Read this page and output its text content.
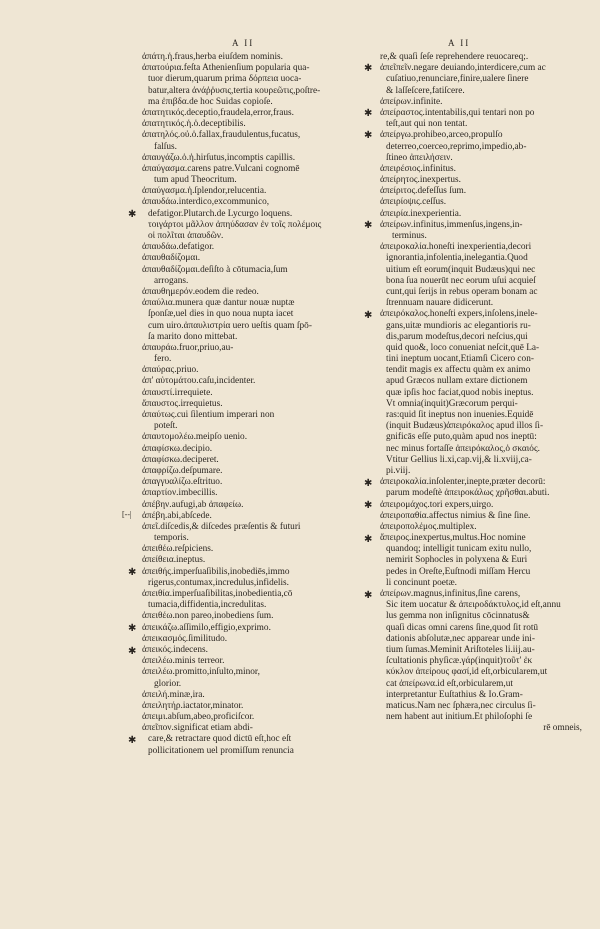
A II	A II
ἀπάτη.ἡ.fraus,herba eiuſdem nominis.
ἀπατούρια.feſta Athenienſium popularia qua-
tuor dierum,quarum prima δόρπεια uoca-
batur,altera ἀνάῤῥυσις,tertia κουρεῶτις,poſtre-
ma ἐπιβδα.de hoc Suidas copioſe.
ἀπατητικός.deceptio,fraudela,error,fraus.
ἀπατητικός.ἡ.ὁ.deceptibilis.
ἀπατηλός.οὖ.ὁ.fallax,fraudulentus,fucatus,
falſus.
ἀπαυγάζω.ὁ.ἡ.hirſutus,incomptis capillis.
ἀπαύγασμα.carens patre.Vulcani cognomē
tum apud Theocritum.
ἀπαύγασμα.ἡ.ſplendor,relucentia.
ἀπαυδάω.interdico,excommunico,
defatigor.Plutarch.de Lycurgo loquens.
τοιγάρτοι μᾶλλον ἀπηύδασαν ἐν τοῖς πολέμοις
οἱ πολῖται ἀπαυδῶν.
ἀπαυδάω.defatigor.
ἀπαυθαδίζομαι.
ἀπαυθαδίζομαι.deſiſto à cōtumacia,ſum
arrogans.
ἀπαυθημερόν.eodem die redeo.
ἀπαύλια.munera quæ dantur nouæ nuptæ
ſponſæ,uel dies in quo noua nupta iacet
cum uiro.ἀπαυλιστρία uero ueſtis quam ſpō-
ſa marito dono mittebat.
ἀπαυράω.fruor,priuo,au-
fero.
ἀπαύρας.priuo.
ἀπ' αὐτομάτου.caſu,incidenter.
ἀπαυστί.irrequiete.
ἄπαυστος.irrequietus.
ἀπαύτως.cui ſilentium imperari non
poteſt.
ἀπαυτομολέω.meipſo uenio.
ἀπαφίσκω.decipio.
ἀπαφίσκω.deciperet.
ἀπαφρίζω.deſpumare.
ἀπαγγυαλίζω.eſtrituo.
ἀπαρτίον.imbecillis.
ἀπέβην.aufugi,ab ἀπαφείω.
ἀπέβη.abi,abſcede.
ἀπεῖ.diſcedis,& diſcedes præſentis & futuri
temporis.
ἀπειθέω.reſpiciens.
ἀπείθεια.ineptus.
ἀπειθής.imperſuaſibilis,inobediēs,immo
rigerus,contumax,incredulus,infidelis.
ἀπειθία.imperſuaſibilitas,inobedientia,cō
tumacia,diffidentia,incredulitas.
ἀπειθέω.non pareo,inobediens ſum.
ἀπεικάζω.aſſimilo,effigio,exprimo.
ἀπεικασμός.ſimilitudo.
ἀπεικός.indecens.
ἀπειλέω.minis terreor.
ἀπειλέω.promitto,inſulto,minor,
glorior.
ἀπειλή.minæ,ira.
ἀπειλητήρ.iactator,minator.
ἀπειμι.abſum,abeo,proficiſcor.
ἀπεῖπον.significat etiam abdi-
care,& retractare quod dictū eſt,hoc eſt
pollicitationem uel promiſſum renuncia
re,& quaſi ſeſe reprehendere reuocareq;.
ἀπεῖπεῖν.negare deuiando,interdicere,cum ac
cuſatiuo,renunciare,finire,ualere ſinere
& laſſeſcere,fatiſcere.
ἀπείρων.infinite.
ἀπείραστος.intentabilis,qui tentari non po
teſt,aut qui non tentat.
ἀπείργω.prohibeo,arceo,propulſo
deterreo,coerceo,reprimo,impedio,ab-
ſtineo ἀπειλήσειν.
ἀπειρέσιος.infinitus.
ἀπείρητος.inexpertus.
ἀπείριτος.defeſſus ſum.
ἀπειρίοψις.ceſſus.
ἀπειρία.inexperientia.
ἀπείρων.infinitus,immenſus,ingens,in-
terminus.
ἀπειροκαλία.honeſti inexperientia,decori
ignorantia,infolentia,inelegantia.Quod
uitium eſt eorum(inquit Budæus)qui nec
bona ſua nouerūt nec eorum uſui acquieſ
cunt,qui ſerijs in rebus operam bonam ac
ſtrennuam nauare didicerunt.
ἀπειρόκαλος.honeſti expers,inſolens,inele-
gans,uitæ mundioris ac elegantioris ru-
dis,parum modeſtus,decori neſcius,qui
quid quo&, loco conueniat neſcit,quē La-
tini ineptum uocant,Etiamſi Cicero con-
tendit magis ex affectu quàm ex animo
apud Græcos nullam extare dictionem
quæ ipſis hoc faciat,quod nobis ineptus.
Vt omnia(inquit)Græcorum perqui-
ras:quid ſit ineptus non inuenies.Equidē
(inquit Budæus)ἀπειρόκαλος apud illos ſi-
gnificās eſſe puto,quàm apud nos ineptū:
nec minus fortaſſe ἀπειρόκαλος,ὁ σκαιός.
Vtitur Gellius li.xi,cap.vij,& li.xviij,ca-
pi.viij.
ἀπειροκαλία.inſolenter,inepte,præter decorū:
parum modeſtè ἀπειροκάλως χρῆσθαι.abuti.
ἀπειρομάχος.tori expers,uirgo.
ἀπειροπαθία.affectus nimius & ſine ſine.
ἀπειροπολέμος.multiplex.
ἄπειρος.inexpertus,multus.Hoc nomine
quandoq; intelligit tunicam exitu nullo,
nemirit Sophocles in polyxena & Euri
pedes in Oreſte,Euſtnodi miſſam Hercu
li concinunt poetæ.
ἀπείρων.magnus,infinitus,ſine carens,
Sic item uocatur & ἀπειροδάκτυλος,id eſt,annu
lus gemma non inſignitus cōcinnatus&
quaſi dicas omni carens ſine,quod ſit rotū
dationis abſolutæ,nec apparear unde ini-
tium ſumas.Meminit Ariſtoteles li.iij.au-
ſcultationis phyſicæ.γάρ(inquit)τοῦτ' ἐκ
κύκλον ἀπείρους φασί,id eſt,orbicularem,ut
cat ἀπείρωνα.id eſt,orbicularem,ut
interpretantur Euſtathius & Io.Gram-
maticus.Nam nec ſphæra,nec circulus ſi-
nem habent aut initium.Et philoſophi ſe
rē omneis,
[--|
✱
✱
✱
✱
✱
✱
✱
✱
✱
✱
✱
✱
✱
✱
